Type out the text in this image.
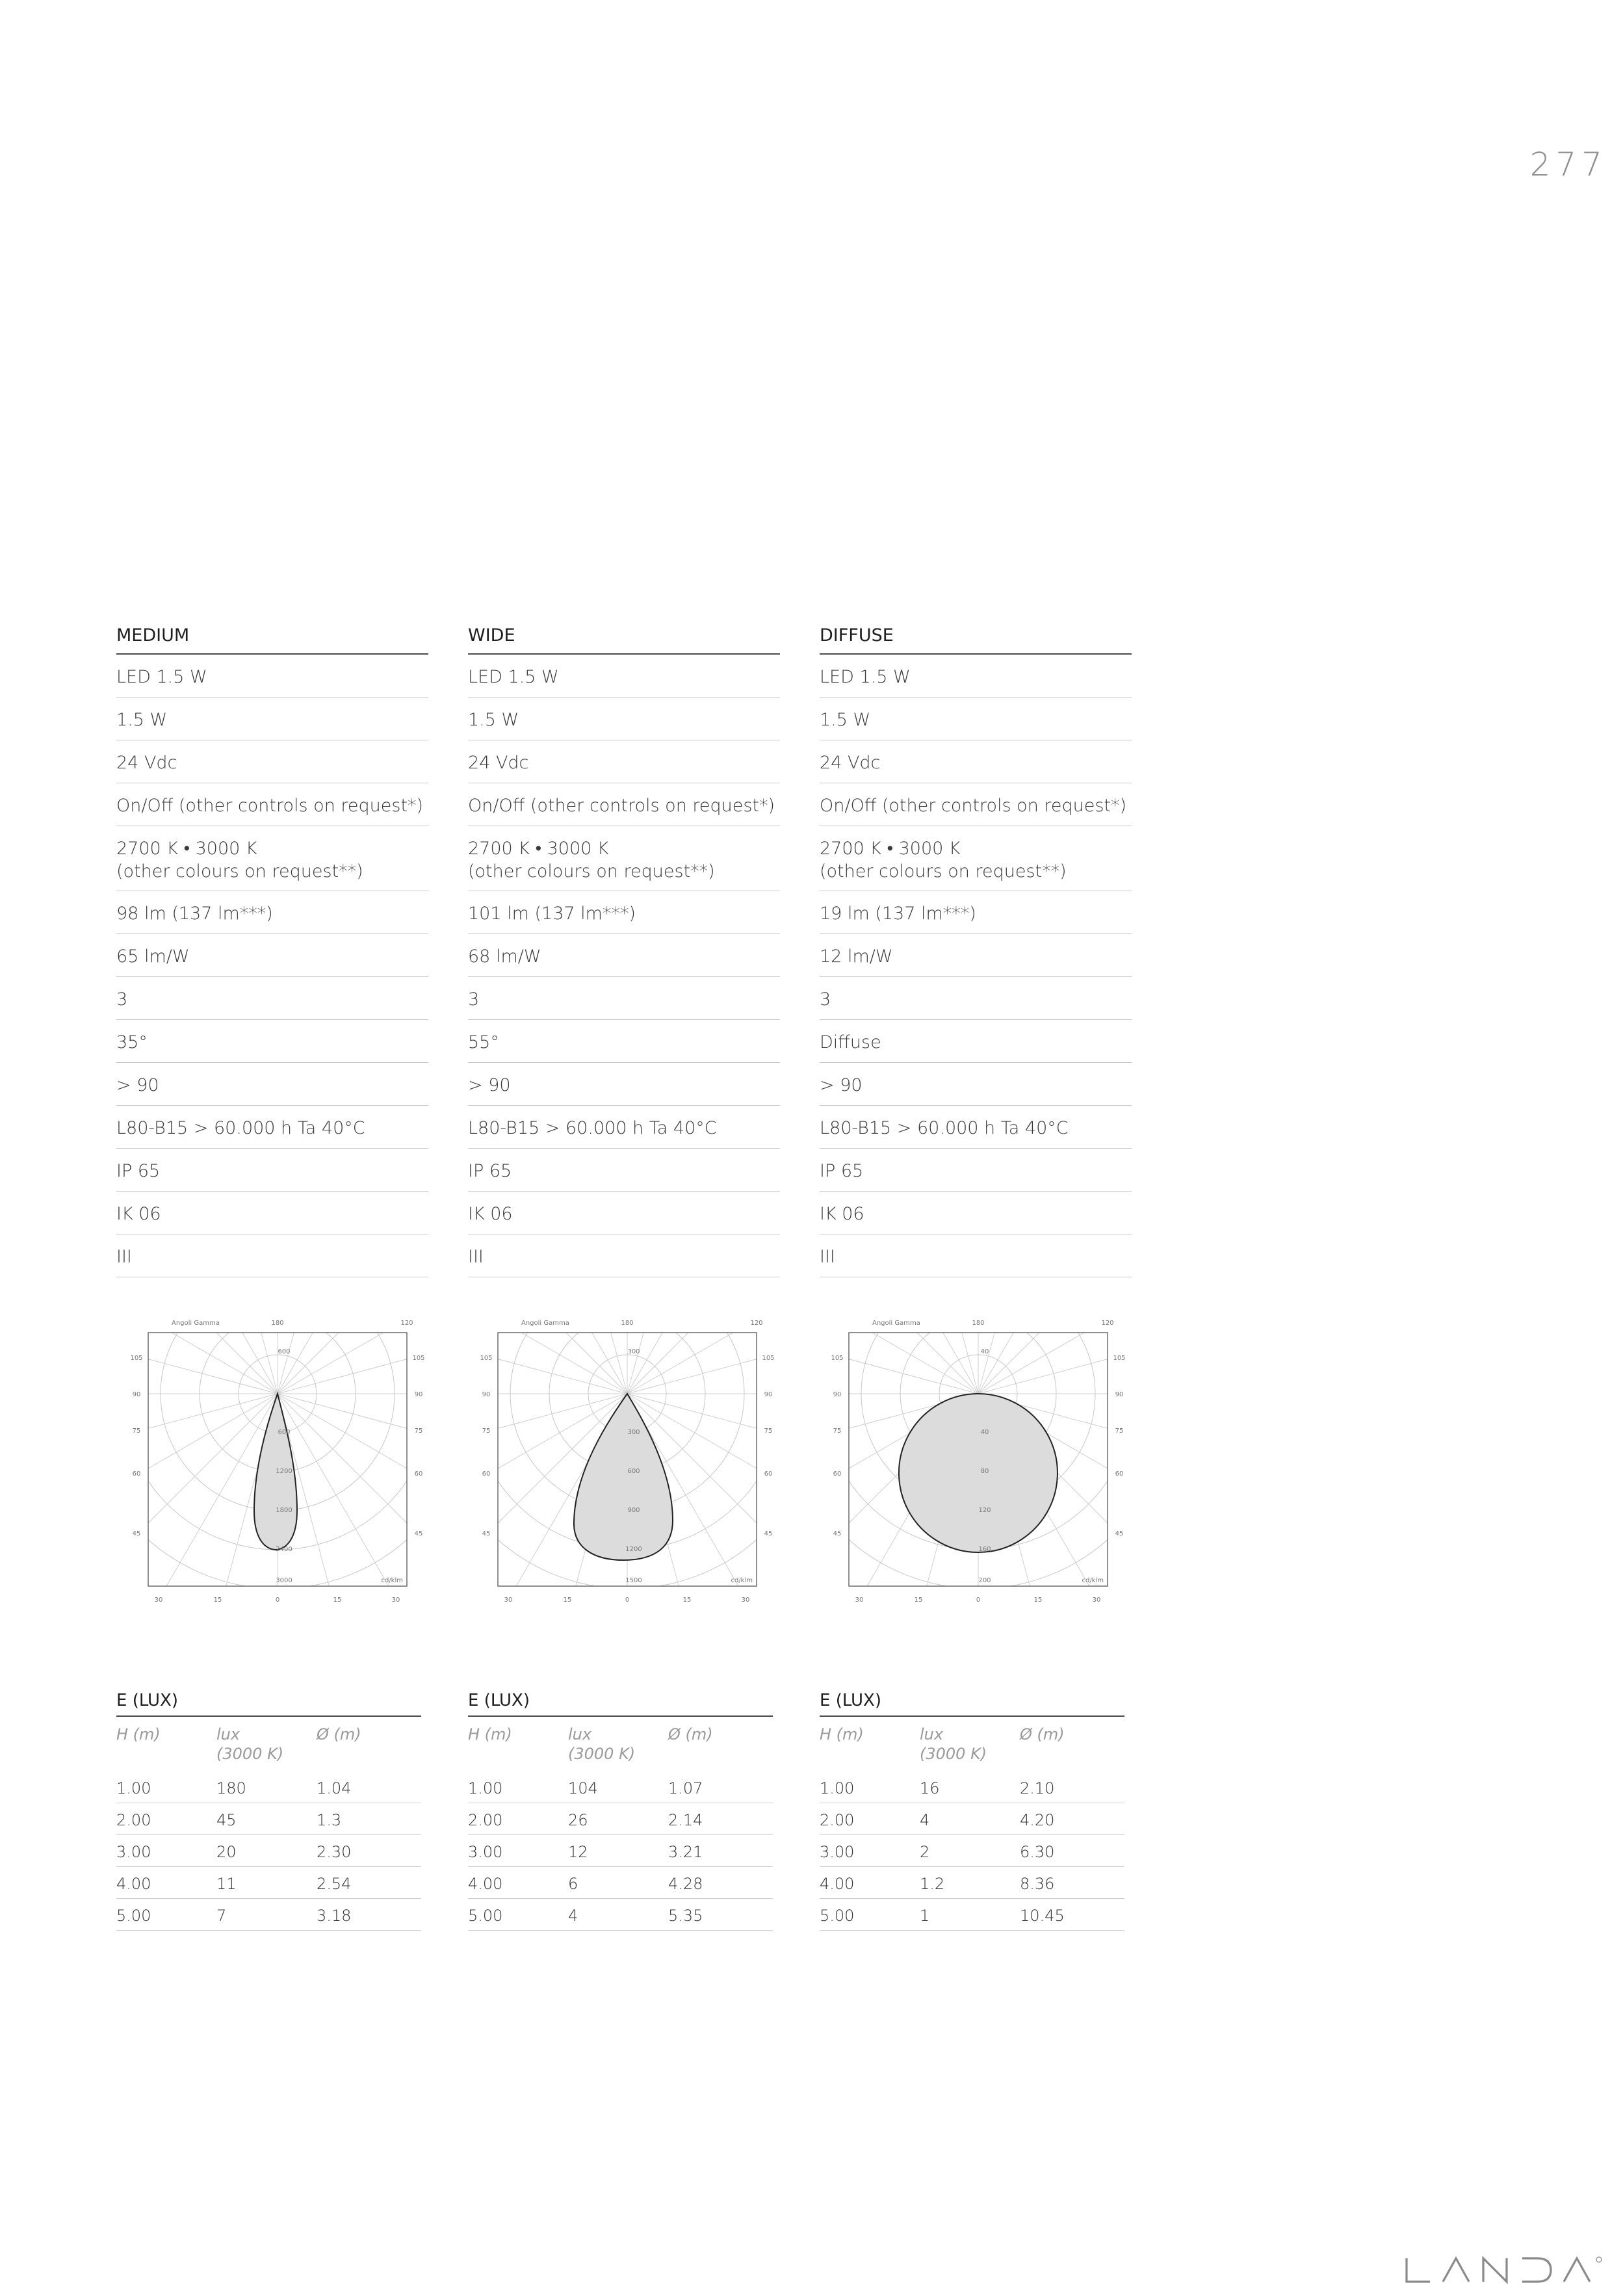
277
MEDIUM
LED 1.5 W
1.5 W
24 Vdc
On/Off (other controls on request*)
2700 K • 3000 K
(other colours on request**)
98 lm (137 lm***)
65 lm/W
3
35°
> 90
L80-B15 > 60.000 h Ta 40°C
IP 65
IK 06
III
WIDE
LED 1.5 W
1.5 W
24 Vdc
On/Off (other controls on request*)
2700 K • 3000 K
(other colours on request**)
101 lm (137 lm***)
68 lm/W
3
55°
> 90
L80-B15 > 60.000 h Ta 40°C
IP 65
IK 06
III
DIFFUSE
LED 1.5 W
1.5 W
24 Vdc
On/Off (other controls on request*)
2700 K • 3000 K
(other colours on request**)
19 lm (137 lm***)
12 lm/W
3
Diffuse
> 90
L80-B15 > 60.000 h Ta 40°C
IP 65
IK 06
III
Angoli Gamma	180	120
105	105
90	90
75	75
60	60
45	45
30	15	0	15	30
600
600
1200
1800
2400
3000	cd/klm
Angoli Gamma	180	120
105	105
90	90
75	75
60	60
45	45
30	15	0	15	30
300
300
600
900
1200
1500	cd/klm
Angoli Gamma	180	120
105	105
90	90
75	75
60	60
45	45
30	15	0	15	30
40
40
80
120
160
200	cd/klm
E (LUX)
H (m)	lux
(3000 K)
Ø (m)
1.00	180	1.04
2.00	45	1.3
3.00	20	2.30
4.00	11	2.54
5.00	7	3.18
E (LUX)
H (m)	lux
(3000 K)
Ø (m)
1.00	104	1.07
2.00	26	2.14
3.00	12	3.21
4.00	6	4.28
5.00	4	5.35
E (LUX)
H (m)	lux
(3000 K)
Ø (m)
1.00	16	2.10
2.00	4	4.20
3.00	2	6.30
4.00	1.2	8.36
5.00	1	10.45
